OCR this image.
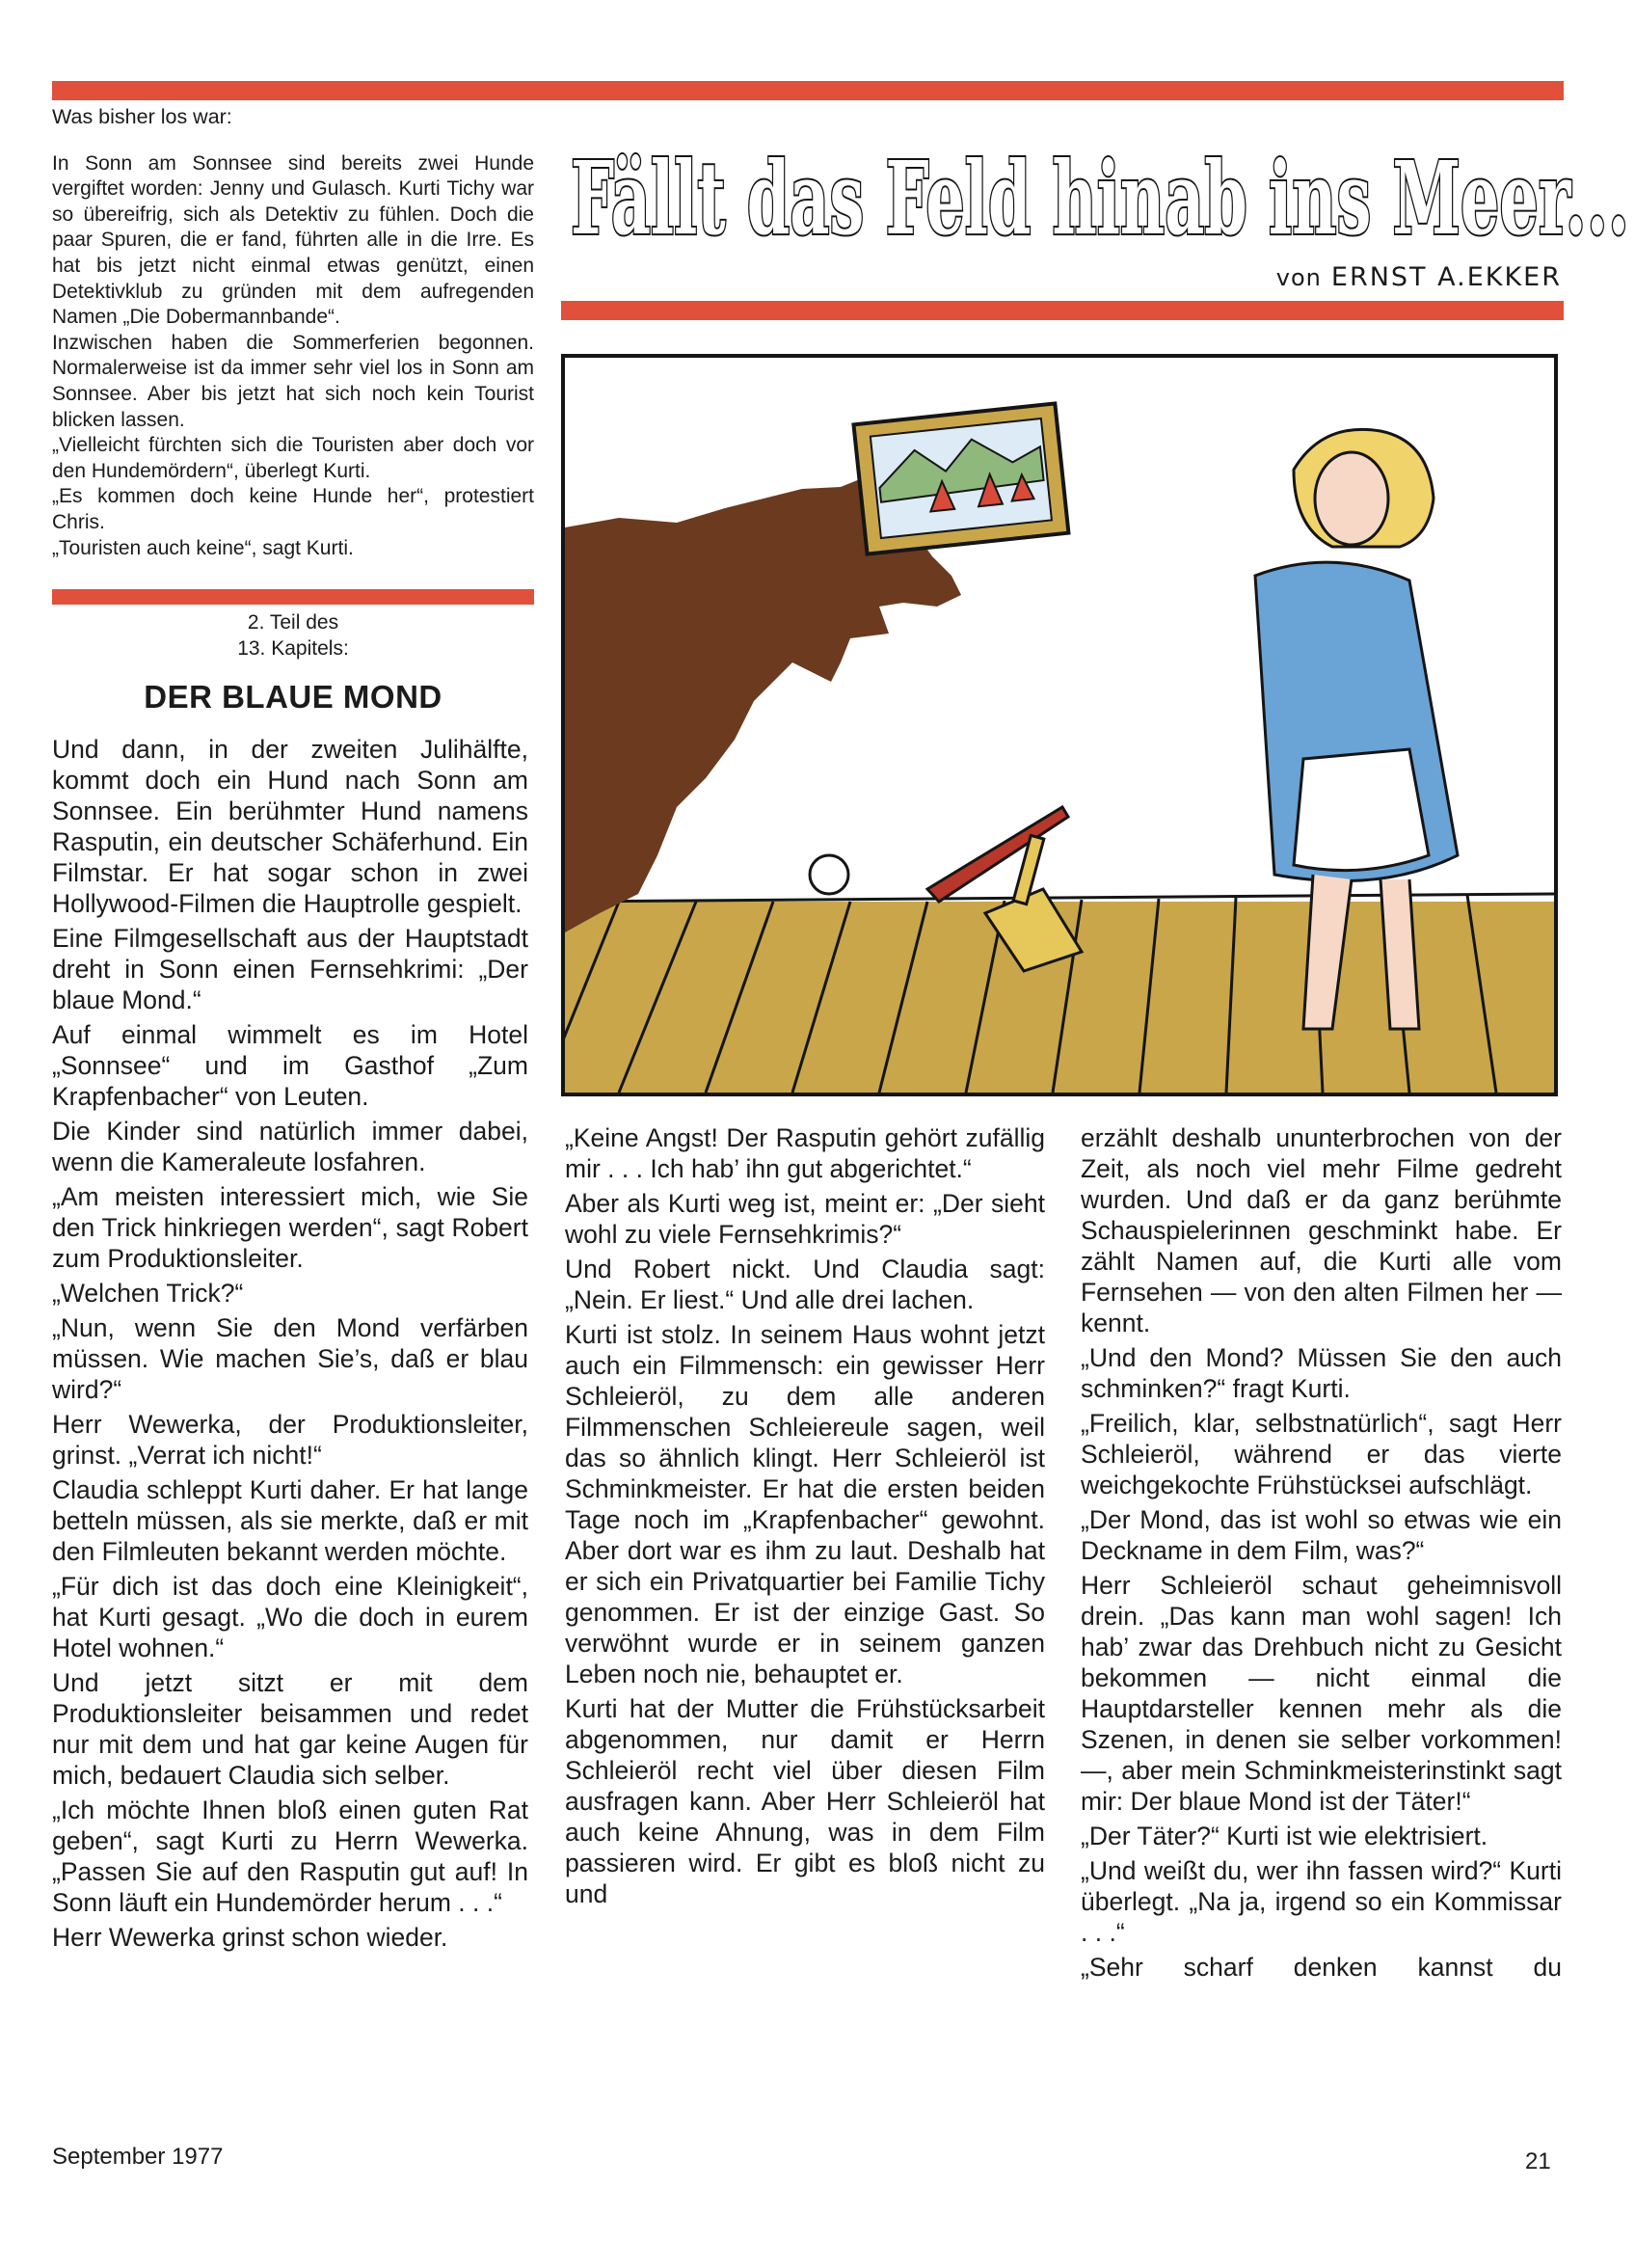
Was bisher los war:

In Sonn am Sonnsee sind bereits zwei Hunde vergiftet worden: Jenny und Gulasch. Kurti Tichy war so übereifrig, sich als Detektiv zu fühlen. Doch die paar Spuren, die er fand, führten alle in die Irre. Es hat bis jetzt nicht einmal etwas genützt, einen Detektivklub zu gründen mit dem aufregenden Namen „Die Dobermannbande“.

Inzwischen haben die Sommerferien begonnen. Normalerweise ist da immer sehr viel los in Sonn am Sonnsee. Aber bis jetzt hat sich noch kein Tourist blicken lassen.

„Vielleicht fürchten sich die Touristen aber doch vor den Hundemördern“, überlegt Kurti.

„Es kommen doch keine Hunde her“, protestiert Chris.

„Touristen auch keine“, sagt Kurti.

2. Teil des
13. Kapitels:
DER BLAUE MOND
Fällt das Feld hinab ins Meer...
von ERNST A.EKKER

Und dann, in der zweiten Julihälfte, kommt doch ein Hund nach Sonn am Sonnsee. Ein berühmter Hund namens Rasputin, ein deutscher Schäferhund. Ein Filmstar. Er hat sogar schon in zwei Hollywood-Filmen die Hauptrolle gespielt.

Eine Filmgesellschaft aus der Hauptstadt dreht in Sonn einen Fernsehkrimi: „Der blaue Mond.“

Auf einmal wimmelt es im Hotel „Sonnsee“ und im Gasthof „Zum Krapfenbacher“ von Leuten.

Die Kinder sind natürlich immer dabei, wenn die Kameraleute losfahren.

„Am meisten interessiert mich, wie Sie den Trick hinkriegen werden“, sagt Robert zum Produktionsleiter.

„Welchen Trick?“

„Nun, wenn Sie den Mond verfärben müssen. Wie machen Sie’s, daß er blau wird?“

Herr Wewerka, der Produktionsleiter, grinst. „Verrat ich nicht!“

Claudia schleppt Kurti daher. Er hat lange betteln müssen, als sie merkte, daß er mit den Filmleuten bekannt werden möchte.

„Für dich ist das doch eine Kleinigkeit“, hat Kurti gesagt. „Wo die doch in eurem Hotel wohnen.“

Und jetzt sitzt er mit dem Produktionsleiter beisammen und redet nur mit dem und hat gar keine Augen für mich, bedauert Claudia sich selber.

„Ich möchte Ihnen bloß einen guten Rat geben“, sagt Kurti zu Herrn Wewerka. „Passen Sie auf den Rasputin gut auf! In Sonn läuft ein Hundemörder herum . . .“

Herr Wewerka grinst schon wieder.

„Keine Angst! Der Rasputin gehört zufällig mir . . . Ich hab’ ihn gut abgerichtet.“

Aber als Kurti weg ist, meint er: „Der sieht wohl zu viele Fernsehkrimis?“

Und Robert nickt. Und Claudia sagt: „Nein. Er liest.“ Und alle drei lachen.

Kurti ist stolz. In seinem Haus wohnt jetzt auch ein Filmmensch: ein gewisser Herr Schleieröl, zu dem alle anderen Filmmenschen Schleiereule sagen, weil das so ähnlich klingt. Herr Schleieröl ist Schminkmeister. Er hat die ersten beiden Tage noch im „Krapfenbacher“ gewohnt. Aber dort war es ihm zu laut. Deshalb hat er sich ein Privatquartier bei Familie Tichy genommen. Er ist der einzige Gast. So verwöhnt wurde er in seinem ganzen Leben noch nie, behauptet er.

Kurti hat der Mutter die Frühstücksarbeit abgenommen, nur damit er Herrn Schleieröl recht viel über diesen Film ausfragen kann. Aber Herr Schleieröl hat auch keine Ahnung, was in dem Film passieren wird. Er gibt es bloß nicht zu und

erzählt deshalb ununterbrochen von der Zeit, als noch viel mehr Filme gedreht wurden. Und daß er da ganz berühmte Schauspielerinnen geschminkt habe. Er zählt Namen auf, die Kurti alle vom Fernsehen — von den alten Filmen her — kennt.

„Und den Mond? Müssen Sie den auch schminken?“ fragt Kurti.

„Freilich, klar, selbstnatürlich“, sagt Herr Schleieröl, während er das vierte weichgekochte Frühstücksei aufschlägt.

„Der Mond, das ist wohl so etwas wie ein Deckname in dem Film, was?“

Herr Schleieröl schaut geheimnisvoll drein. „Das kann man wohl sagen! Ich hab’ zwar das Drehbuch nicht zu Gesicht bekommen — nicht einmal die Hauptdarsteller kennen mehr als die Szenen, in denen sie selber vorkommen! —, aber mein Schminkmeisterinstinkt sagt mir: Der blaue Mond ist der Täter!“

„Der Täter?“ Kurti ist wie elektrisiert.

„Und weißt du, wer ihn fassen wird?“ Kurti überlegt. „Na ja, irgend so ein Kommissar . . .“

„Sehr scharf denken kannst du

September 1977	21
